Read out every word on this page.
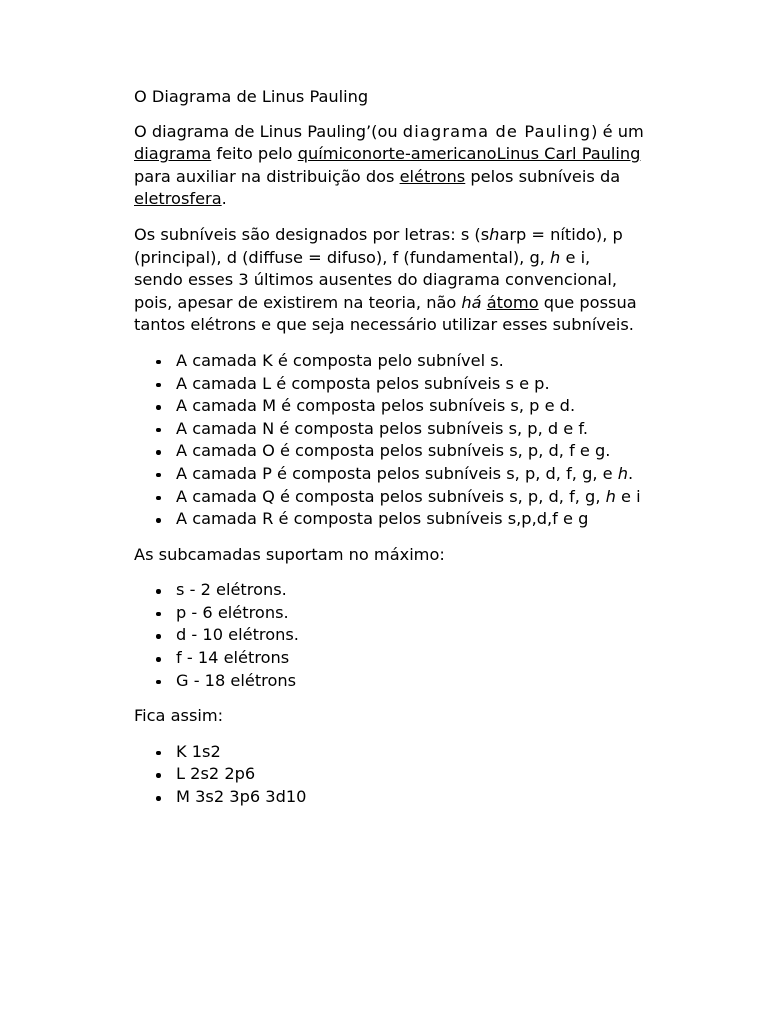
O Diagrama de Linus Pauling

O diagrama de Linus Pauling’(ou diagrama de Pauling) é um diagrama feito pelo químiconorte-americanoLinus Carl Pauling para auxiliar na distribuição dos elétrons pelos subníveis da eletrosfera.

Os subníveis são designados por letras: s (sharp = nítido), p (principal), d (diffuse = difuso), f (fundamental), g, h e i, sendo esses 3 últimos ausentes do diagrama convencional, pois, apesar de existirem na teoria, não há átomo que possua tantos elétrons e que seja necessário utilizar esses subníveis.

A camada K é composta pelo subnível s.
A camada L é composta pelos subníveis s e p.
A camada M é composta pelos subníveis s, p e d.
A camada N é composta pelos subníveis s, p, d e f.
A camada O é composta pelos subníveis s, p, d, f e g.
A camada P é composta pelos subníveis s, p, d, f, g, e h.
A camada Q é composta pelos subníveis s, p, d, f, g, h e i
A camada R é composta pelos subníveis s,p,d,f e g

As subcamadas suportam no máximo:

s - 2 elétrons.
p - 6 elétrons.
d - 10 elétrons.
f - 14 elétrons
G - 18 elétrons

Fica assim:

K 1s2
L 2s2 2p6
M 3s2 3p6 3d10
